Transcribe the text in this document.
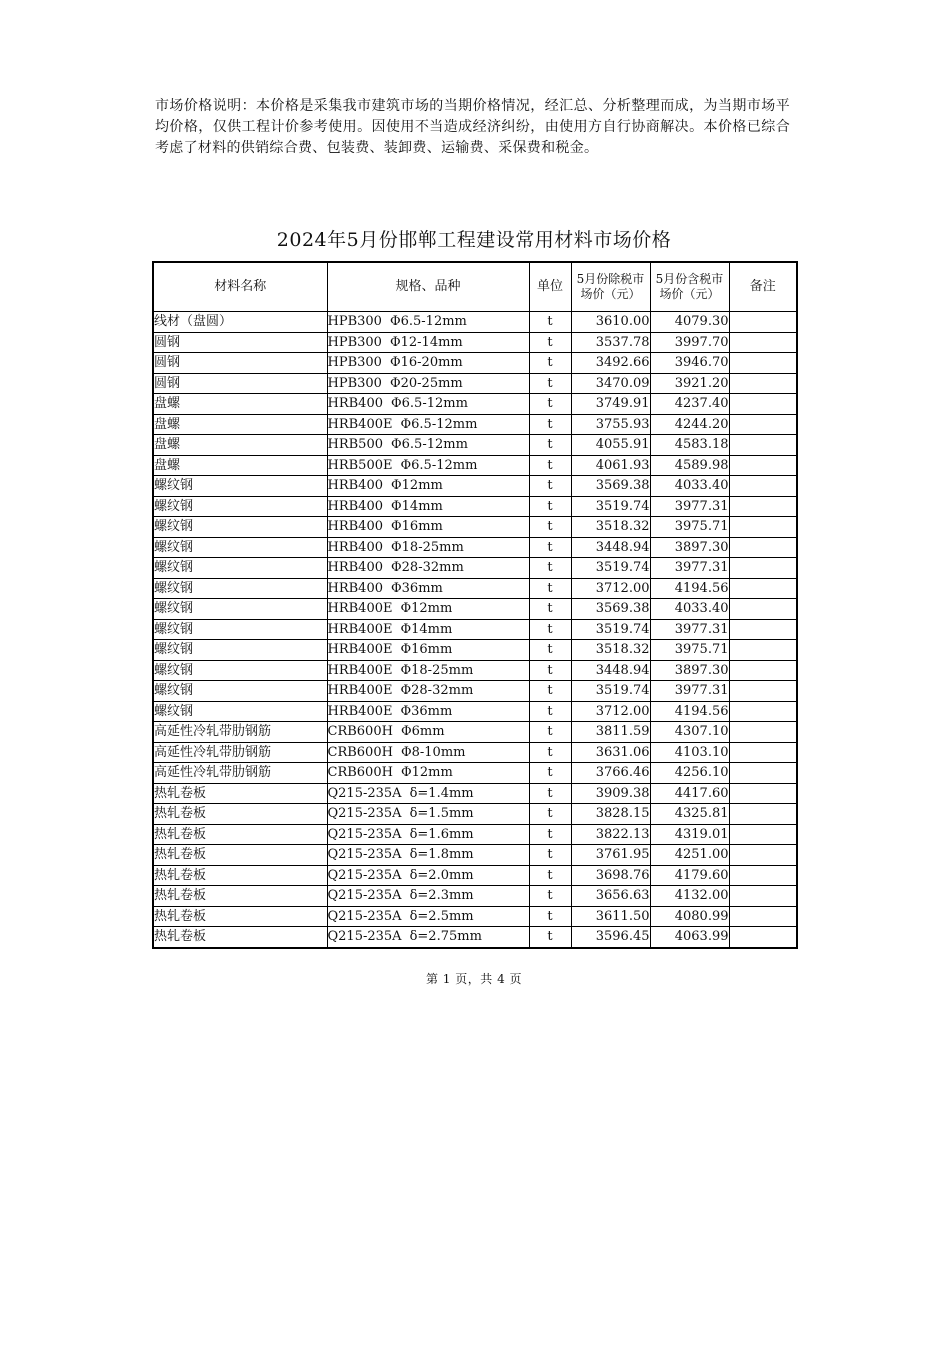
市场价格说明：本价格是采集我市建筑市场的当期价格情况，经汇总、分析整理而成，为当期市场平均价格，仅供工程计价参考使用。因使用不当造成经济纠纷，由使用方自行协商解决。本价格已综合考虑了材料的供销综合费、包装费、装卸费、运输费、采保费和税金。
2024年5月份邯郸工程建设常用材料市场价格
材料名称	规格、品种	单位	5月份除税市场价（元）	5月份含税市场价（元）	备注
线材（盘圆）	HPB300 Φ6.5-12mm	t	3610.00	4079.30	
圆钢	HPB300 Φ12-14mm	t	3537.78	3997.70	
圆钢	HPB300 Φ16-20mm	t	3492.66	3946.70	
圆钢	HPB300 Φ20-25mm	t	3470.09	3921.20	
盘螺	HRB400 Φ6.5-12mm	t	3749.91	4237.40	
盘螺	HRB400E Φ6.5-12mm	t	3755.93	4244.20	
盘螺	HRB500 Φ6.5-12mm	t	4055.91	4583.18	
盘螺	HRB500E Φ6.5-12mm	t	4061.93	4589.98	
螺纹钢	HRB400 Φ12mm	t	3569.38	4033.40	
螺纹钢	HRB400 Φ14mm	t	3519.74	3977.31	
螺纹钢	HRB400 Φ16mm	t	3518.32	3975.71	
螺纹钢	HRB400 Φ18-25mm	t	3448.94	3897.30	
螺纹钢	HRB400 Φ28-32mm	t	3519.74	3977.31	
螺纹钢	HRB400 Φ36mm	t	3712.00	4194.56	
螺纹钢	HRB400E Φ12mm	t	3569.38	4033.40	
螺纹钢	HRB400E Φ14mm	t	3519.74	3977.31	
螺纹钢	HRB400E Φ16mm	t	3518.32	3975.71	
螺纹钢	HRB400E Φ18-25mm	t	3448.94	3897.30	
螺纹钢	HRB400E Φ28-32mm	t	3519.74	3977.31	
螺纹钢	HRB400E Φ36mm	t	3712.00	4194.56	
高延性冷轧带肋钢筋	CRB600H Φ6mm	t	3811.59	4307.10	
高延性冷轧带肋钢筋	CRB600H Φ8-10mm	t	3631.06	4103.10	
高延性冷轧带肋钢筋	CRB600H Φ12mm	t	3766.46	4256.10	
热轧卷板	Q215-235A δ=1.4mm	t	3909.38	4417.60	
热轧卷板	Q215-235A δ=1.5mm	t	3828.15	4325.81	
热轧卷板	Q215-235A δ=1.6mm	t	3822.13	4319.01	
热轧卷板	Q215-235A δ=1.8mm	t	3761.95	4251.00	
热轧卷板	Q215-235A δ=2.0mm	t	3698.76	4179.60	
热轧卷板	Q215-235A δ=2.3mm	t	3656.63	4132.00	
热轧卷板	Q215-235A δ=2.5mm	t	3611.50	4080.99	
热轧卷板	Q215-235A δ=2.75mm	t	3596.45	4063.99	
第 1 页，共 4 页
